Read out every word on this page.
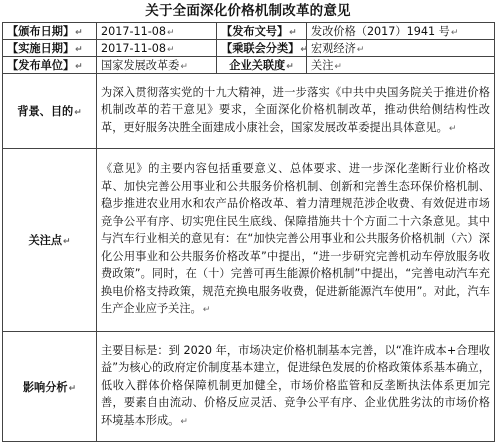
关于全面深化价格机制改革的意见
【颁布日期】↵	2017-11-08↵	【发布文号】↵	发改价格（2017）1941 号↵
【实施日期】↵	2017-11-08↵	【乘联会分类】↵	宏观经济↵
【发布单位】↵	国家发展改革委↵	企业关联度↵	关注↵
背景、目的↵	为深入贯彻落实党的十九大精神，进一步落实《中共中央国务院关于推进价格机制改革的若干意见》要求，全面深化价格机制改革，推动供给侧结构性改革，更好服务决胜全面建成小康社会，国家发展改革委提出具体意见。↵		
关注点↵	《意见》的主要内容包括重要意义、总体要求、进一步深化垄断行业价格改革、加快完善公用事业和公共服务价格机制、创新和完善生态环保价格机制、稳步推进农业用水和农产品价格改革、着力清理规范涉企收费、有效促进市场竞争公平有序、切实兜住民生底线、保障措施共十个方面二十六条意见。其中与汽车行业相关的意见有：在“加快完善公用事业和公共服务价格机制（六）深化公用事业和公共服务价格改革”中提出，“进一步研究完善机动车停放服务收费政策”。同时，在（十）完善可再生能源价格机制”中提出，“完善电动汽车充换电价格支持政策，规范充换电服务收费，促进新能源汽车使用”。对此，汽车生产企业应予关注。↵		
影响分析↵	主要目标是：到 2020 年，市场决定价格机制基本完善，以“准许成本+合理收益”为核心的政府定价制度基本建立，促进绿色发展的价格政策体系基本确立，低收入群体价格保障机制更加健全，市场价格监管和反垄断执法体系更加完善，要素自由流动、价格反应灵活、竞争公平有序、企业优胜劣汰的市场价格环境基本形成。↵		
